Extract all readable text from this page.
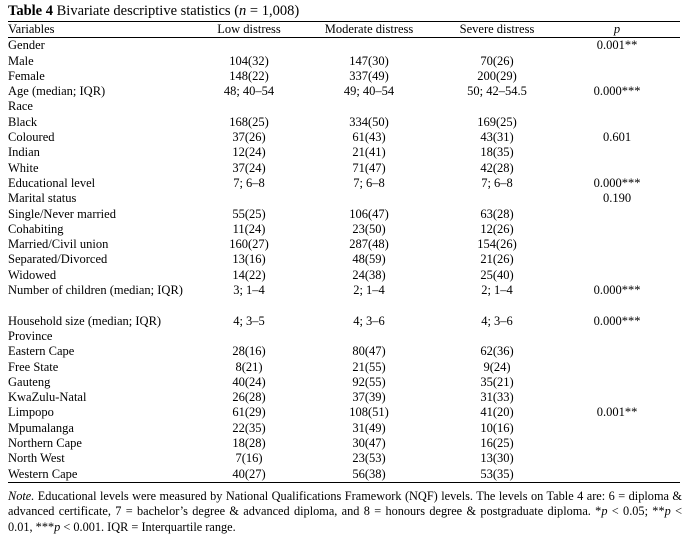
Table 4 Bivariate descriptive statistics (n = 1,008)
Variables	Low distress	Moderate distress	Severe distress	p
Gender				0.001**
Male	104(32)	147(30)	70(26)	
Female	148(22)	337(49)	200(29)	
Age (median; IQR)	48; 40–54	49; 40–54	50; 42–54.5	0.000***
Race				
Black	168(25)	334(50)	169(25)	
Coloured	37(26)	61(43)	43(31)	0.601
Indian	12(24)	21(41)	18(35)	
White	37(24)	71(47)	42(28)	
Educational level	7; 6–8	7; 6–8	7; 6–8	0.000***
Marital status				0.190
Single/Never married	55(25)	106(47)	63(28)	
Cohabiting	11(24)	23(50)	12(26)	
Married/Civil union	160(27)	287(48)	154(26)	
Separated/Divorced	13(16)	48(59)	21(26)	
Widowed	14(22)	24(38)	25(40)	
Number of children (median; IQR)	3; 1–4	2; 1–4	2; 1–4	0.000***
Household size (median; IQR)	4; 3–5	4; 3–6	4; 3–6	0.000***
Province				
Eastern Cape	28(16)	80(47)	62(36)	
Free State	8(21)	21(55)	9(24)	
Gauteng	40(24)	92(55)	35(21)	
KwaZulu-Natal	26(28)	37(39)	31(33)	
Limpopo	61(29)	108(51)	41(20)	0.001**
Mpumalanga	22(35)	31(49)	10(16)	
Northern Cape	18(28)	30(47)	16(25)	
North West	7(16)	23(53)	13(30)	
Western Cape	40(27)	56(38)	53(35)	
Note. Educational levels were measured by National Qualifications Framework (NQF) levels. The levels on Table 4 are: 6 = diploma & advanced certificate, 7 = bachelor’s degree & advanced diploma, and 8 = honours degree & postgraduate diploma. *p < 0.05; **p < 0.01, ***p < 0.001. IQR = Interquartile range.
